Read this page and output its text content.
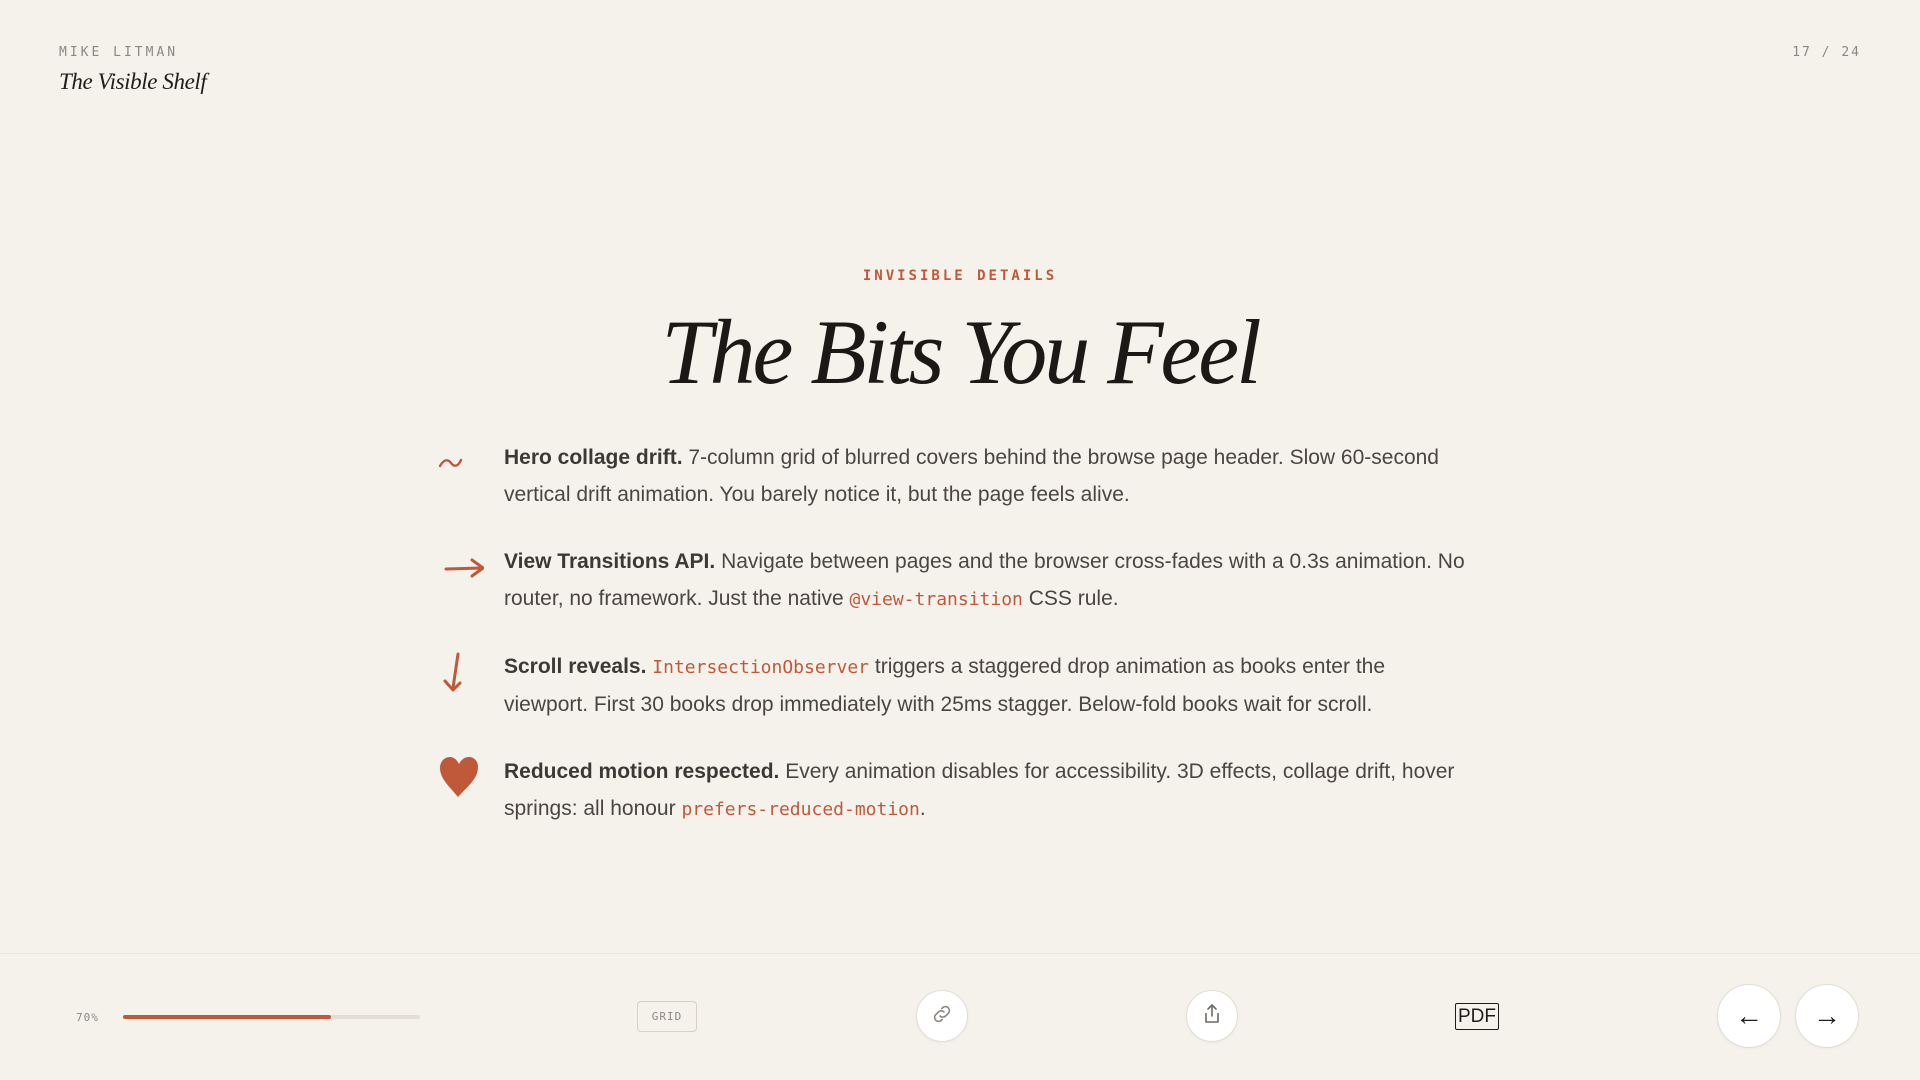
MIKE LITMAN
The Visible Shelf
17 / 24
INVISIBLE DETAILS
The Bits You Feel
Hero collage drift. 7-column grid of blurred covers behind the browse page header. Slow 60-second vertical drift animation. You barely notice it, but the page feels alive.
View Transitions API. Navigate between pages and the browser cross-fades with a 0.3s animation. No router, no framework. Just the native @view-transition CSS rule.
Scroll reveals. IntersectionObserver triggers a staggered drop animation as books enter the viewport. First 30 books drop immediately with 25ms stagger. Below-fold books wait for scroll.
Reduced motion respected. Every animation disables for accessibility. 3D effects, collage drift, hover springs: all honour prefers-reduced-motion.
70%	GRID	PDF	←	→
